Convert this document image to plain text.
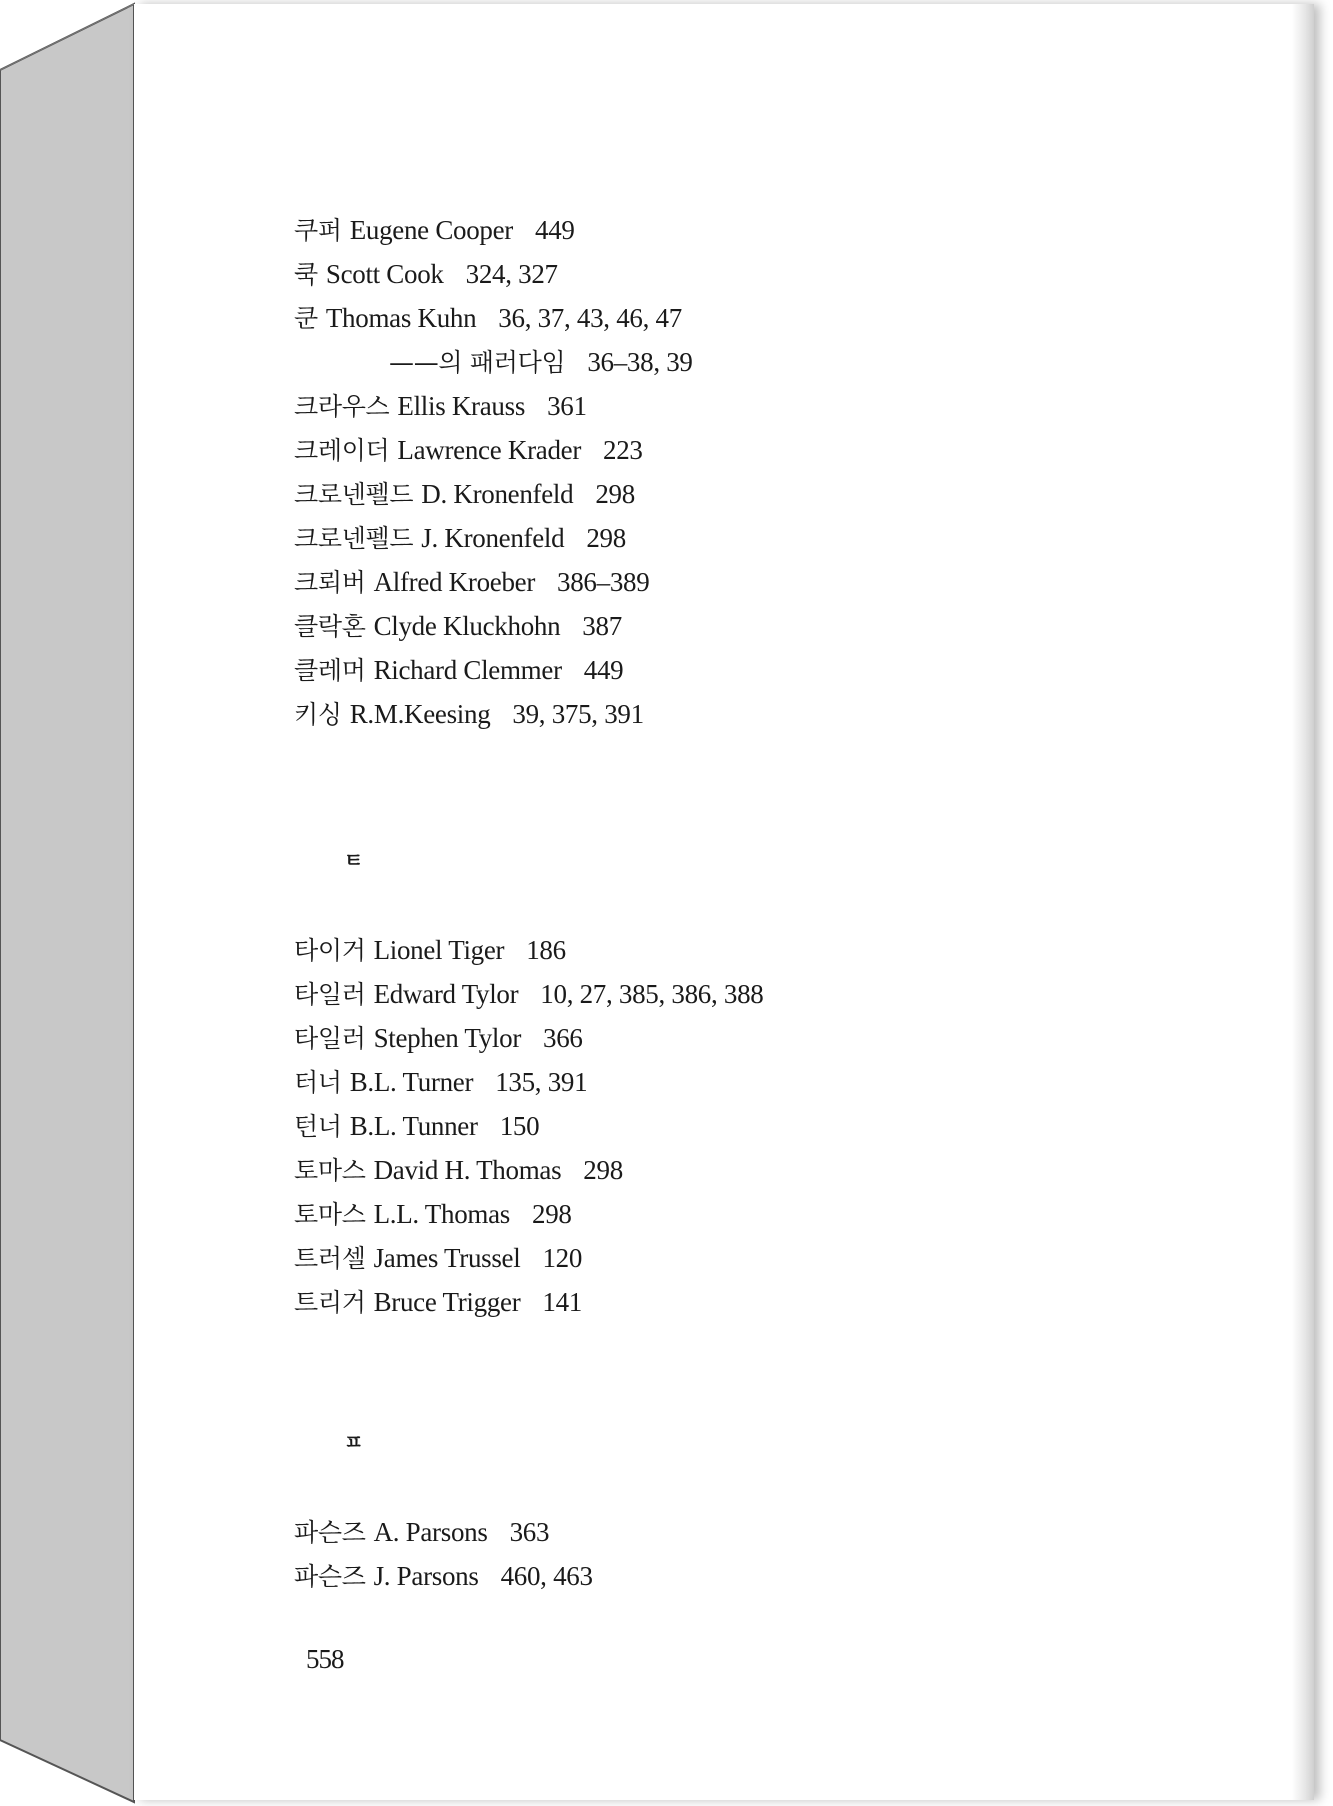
쿠퍼 Eugene Cooper 449
쿡 Scott Cook 324, 327
쿤 Thomas Kuhn 36, 37, 43, 46, 47
——의 패러다임 36–38, 39
크라우스 Ellis Krauss 361
크레이더 Lawrence Krader 223
크로넨펠드 D. Kronenfeld 298
크로넨펠드 J. Kronenfeld 298
크뢰버 Alfred Kroeber 386–389
클락혼 Clyde Kluckhohn 387
클레머 Richard Clemmer 449
키싱 R.M.Keesing 39, 375, 391
ㅌ
타이거 Lionel Tiger 186
타일러 Edward Tylor 10, 27, 385, 386, 388
타일러 Stephen Tylor 366
터너 B.L. Turner 135, 391
턴너 B.L. Tunner 150
토마스 David H. Thomas 298
토마스 L.L. Thomas 298
트러셀 James Trussel 120
트리거 Bruce Trigger 141
ㅍ
파슨즈 A. Parsons 363
파슨즈 J. Parsons 460, 463
558
